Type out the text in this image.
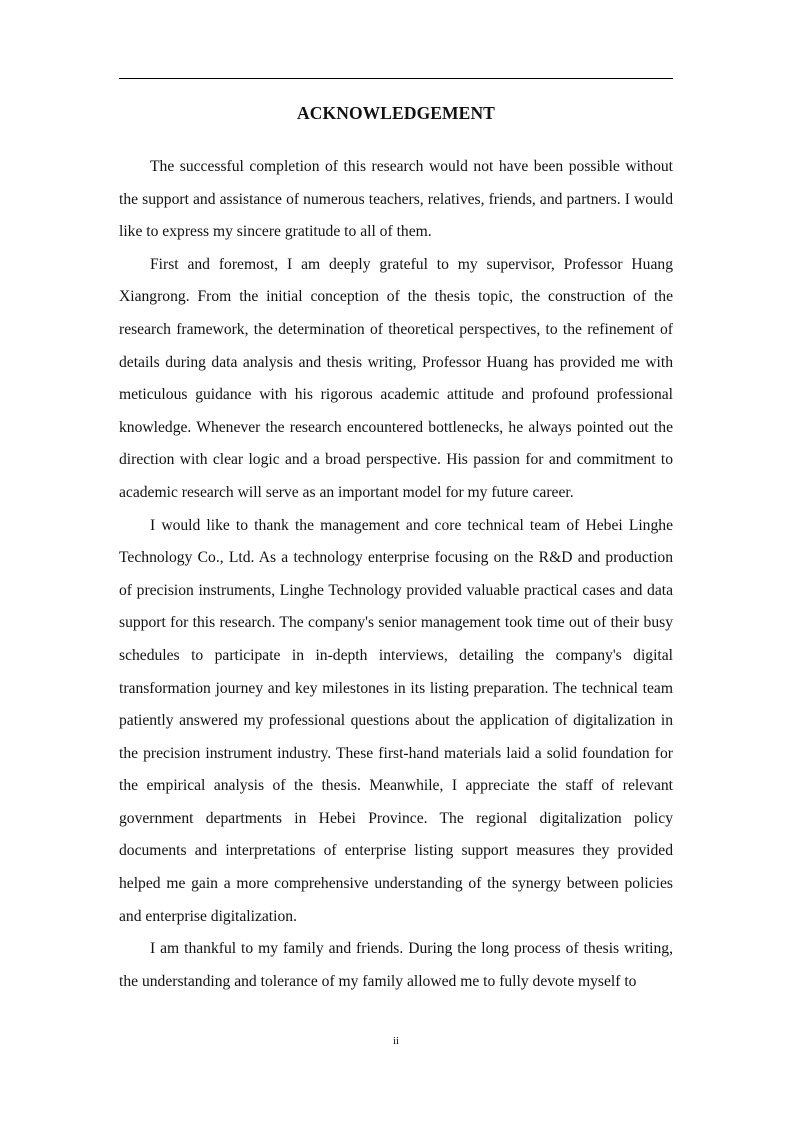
ACKNOWLEDGEMENT

The successful completion of this research would not have been possible without the support and assistance of numerous teachers, relatives, friends, and partners. I would like to express my sincere gratitude to all of them.

First and foremost, I am deeply grateful to my supervisor, Professor Huang Xiangrong. From the initial conception of the thesis topic, the construction of the research framework, the determination of theoretical perspectives, to the refinement of details during data analysis and thesis writing, Professor Huang has provided me with meticulous guidance with his rigorous academic attitude and profound professional knowledge. Whenever the research encountered bottlenecks, he always pointed out the direction with clear logic and a broad perspective. His passion for and commitment to academic research will serve as an important model for my future career.

I would like to thank the management and core technical team of Hebei Linghe Technology Co., Ltd. As a technology enterprise focusing on the R&D and production of precision instruments, Linghe Technology provided valuable practical cases and data support for this research. The company's senior management took time out of their busy schedules to participate in in-depth interviews, detailing the company's digital transformation journey and key milestones in its listing preparation. The technical team patiently answered my professional questions about the application of digitalization in the precision instrument industry. These first-hand materials laid a solid foundation for the empirical analysis of the thesis. Meanwhile, I appreciate the staff of relevant government departments in Hebei Province. The regional digitalization policy documents and interpretations of enterprise listing support measures they provided helped me gain a more comprehensive understanding of the synergy between policies and enterprise digitalization.

I am thankful to my family and friends. During the long process of thesis writing, the understanding and tolerance of my family allowed me to fully devote myself to

ii
